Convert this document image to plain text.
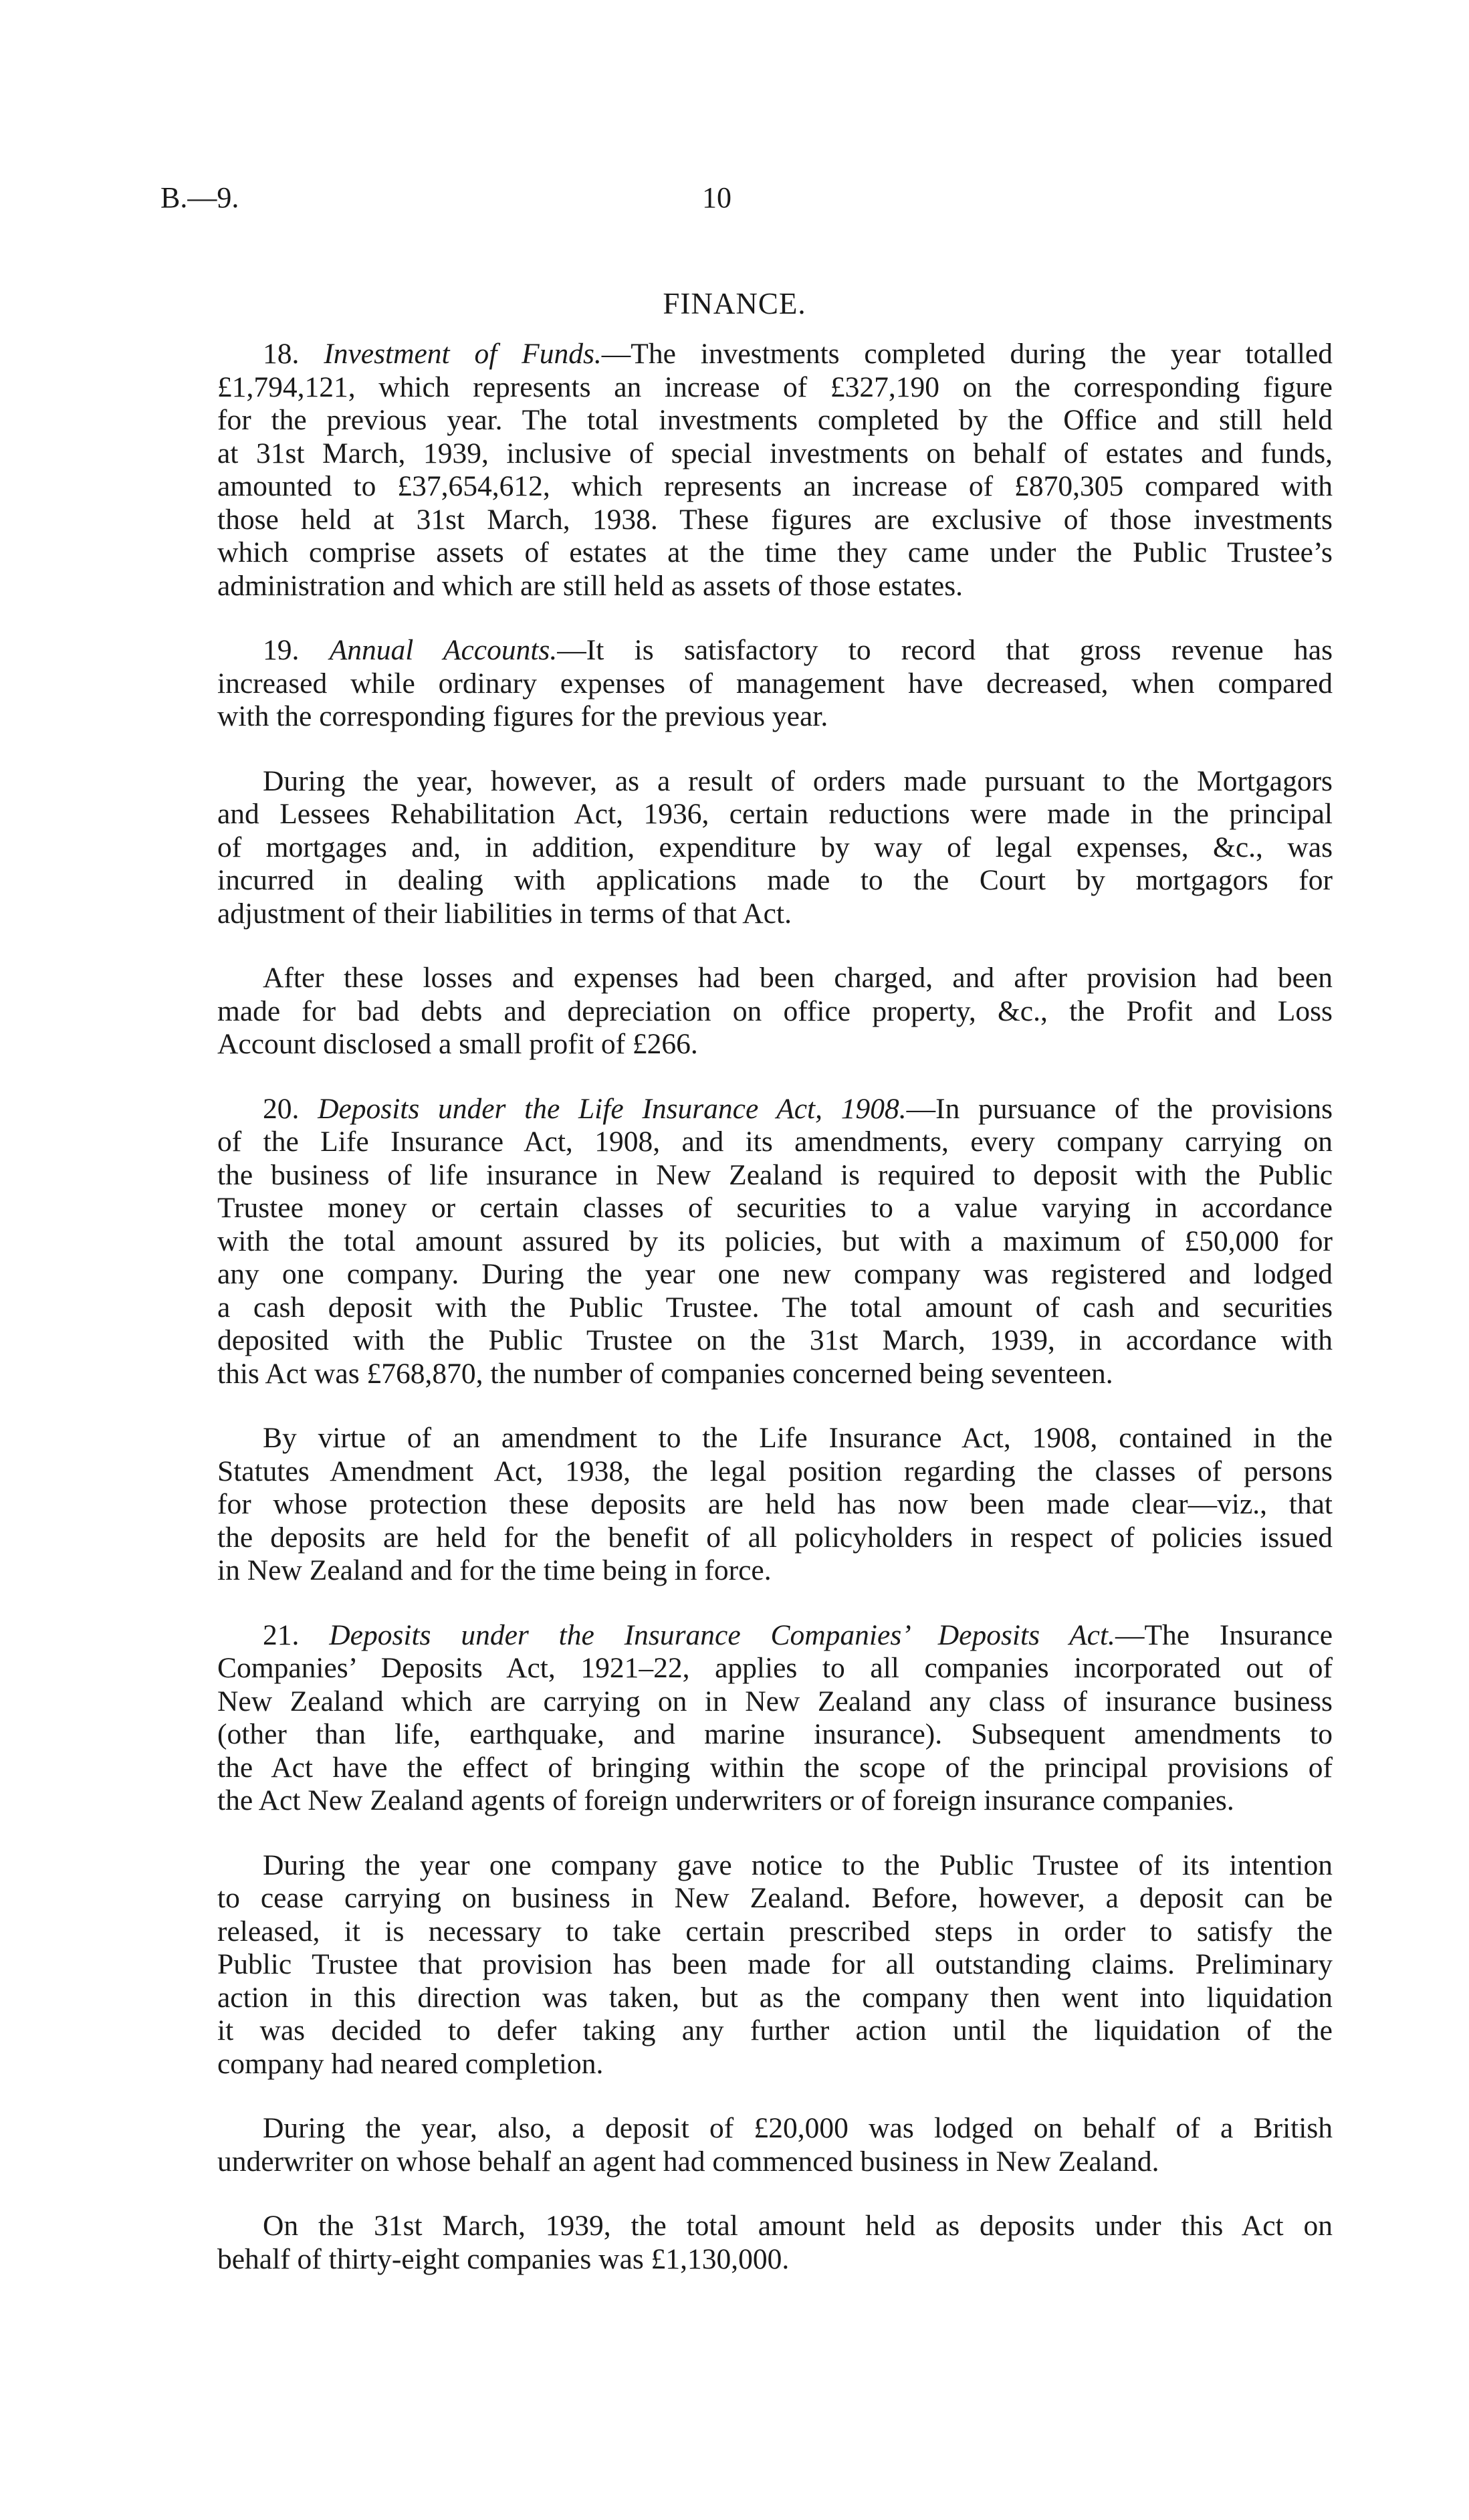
B.—9.	10
FINANCE.
18. Investment of Funds.—The investments completed during the year totalled
£1,794,121, which represents an increase of £327,190 on the corresponding figure
for the previous year. The total investments completed by the Office and still held
at 31st March, 1939, inclusive of special investments on behalf of estates and funds,
amounted to £37,654,612, which represents an increase of £870,305 compared with
those held at 31st March, 1938. These figures are exclusive of those investments
which comprise assets of estates at the time they came under the Public Trustee’s
administration and which are still held as assets of those estates.
19. Annual Accounts.—It is satisfactory to record that gross revenue has
increased while ordinary expenses of management have decreased, when compared
with the corresponding figures for the previous year.
During the year, however, as a result of orders made pursuant to the Mortgagors
and Lessees Rehabilitation Act, 1936, certain reductions were made in the principal
of mortgages and, in addition, expenditure by way of legal expenses, &c., was
incurred in dealing with applications made to the Court by mortgagors for
adjustment of their liabilities in terms of that Act.
After these losses and expenses had been charged, and after provision had been
made for bad debts and depreciation on office property, &c., the Profit and Loss
Account disclosed a small profit of £266.
20. Deposits under the Life Insurance Act, 1908.—In pursuance of the provisions
of the Life Insurance Act, 1908, and its amendments, every company carrying on
the business of life insurance in New Zealand is required to deposit with the Public
Trustee money or certain classes of securities to a value varying in accordance
with the total amount assured by its policies, but with a maximum of £50,000 for
any one company. During the year one new company was registered and lodged
a cash deposit with the Public Trustee. The total amount of cash and securities
deposited with the Public Trustee on the 31st March, 1939, in accordance with
this Act was £768,870, the number of companies concerned being seventeen.
By virtue of an amendment to the Life Insurance Act, 1908, contained in the
Statutes Amendment Act, 1938, the legal position regarding the classes of persons
for whose protection these deposits are held has now been made clear—viz., that
the deposits are held for the benefit of all policyholders in respect of policies issued
in New Zealand and for the time being in force.
21. Deposits under the Insurance Companies’ Deposits Act.—The Insurance
Companies’ Deposits Act, 1921–22, applies to all companies incorporated out of
New Zealand which are carrying on in New Zealand any class of insurance business
(other than life, earthquake, and marine insurance). Subsequent amendments to
the Act have the effect of bringing within the scope of the principal provisions of
the Act New Zealand agents of foreign underwriters or of foreign insurance companies.
During the year one company gave notice to the Public Trustee of its intention
to cease carrying on business in New Zealand. Before, however, a deposit can be
released, it is necessary to take certain prescribed steps in order to satisfy the
Public Trustee that provision has been made for all outstanding claims. Preliminary
action in this direction was taken, but as the company then went into liquidation
it was decided to defer taking any further action until the liquidation of the
company had neared completion.
During the year, also, a deposit of £20,000 was lodged on behalf of a British
underwriter on whose behalf an agent had commenced business in New Zealand.
On the 31st March, 1939, the total amount held as deposits under this Act on
behalf of thirty-eight companies was £1,130,000.
